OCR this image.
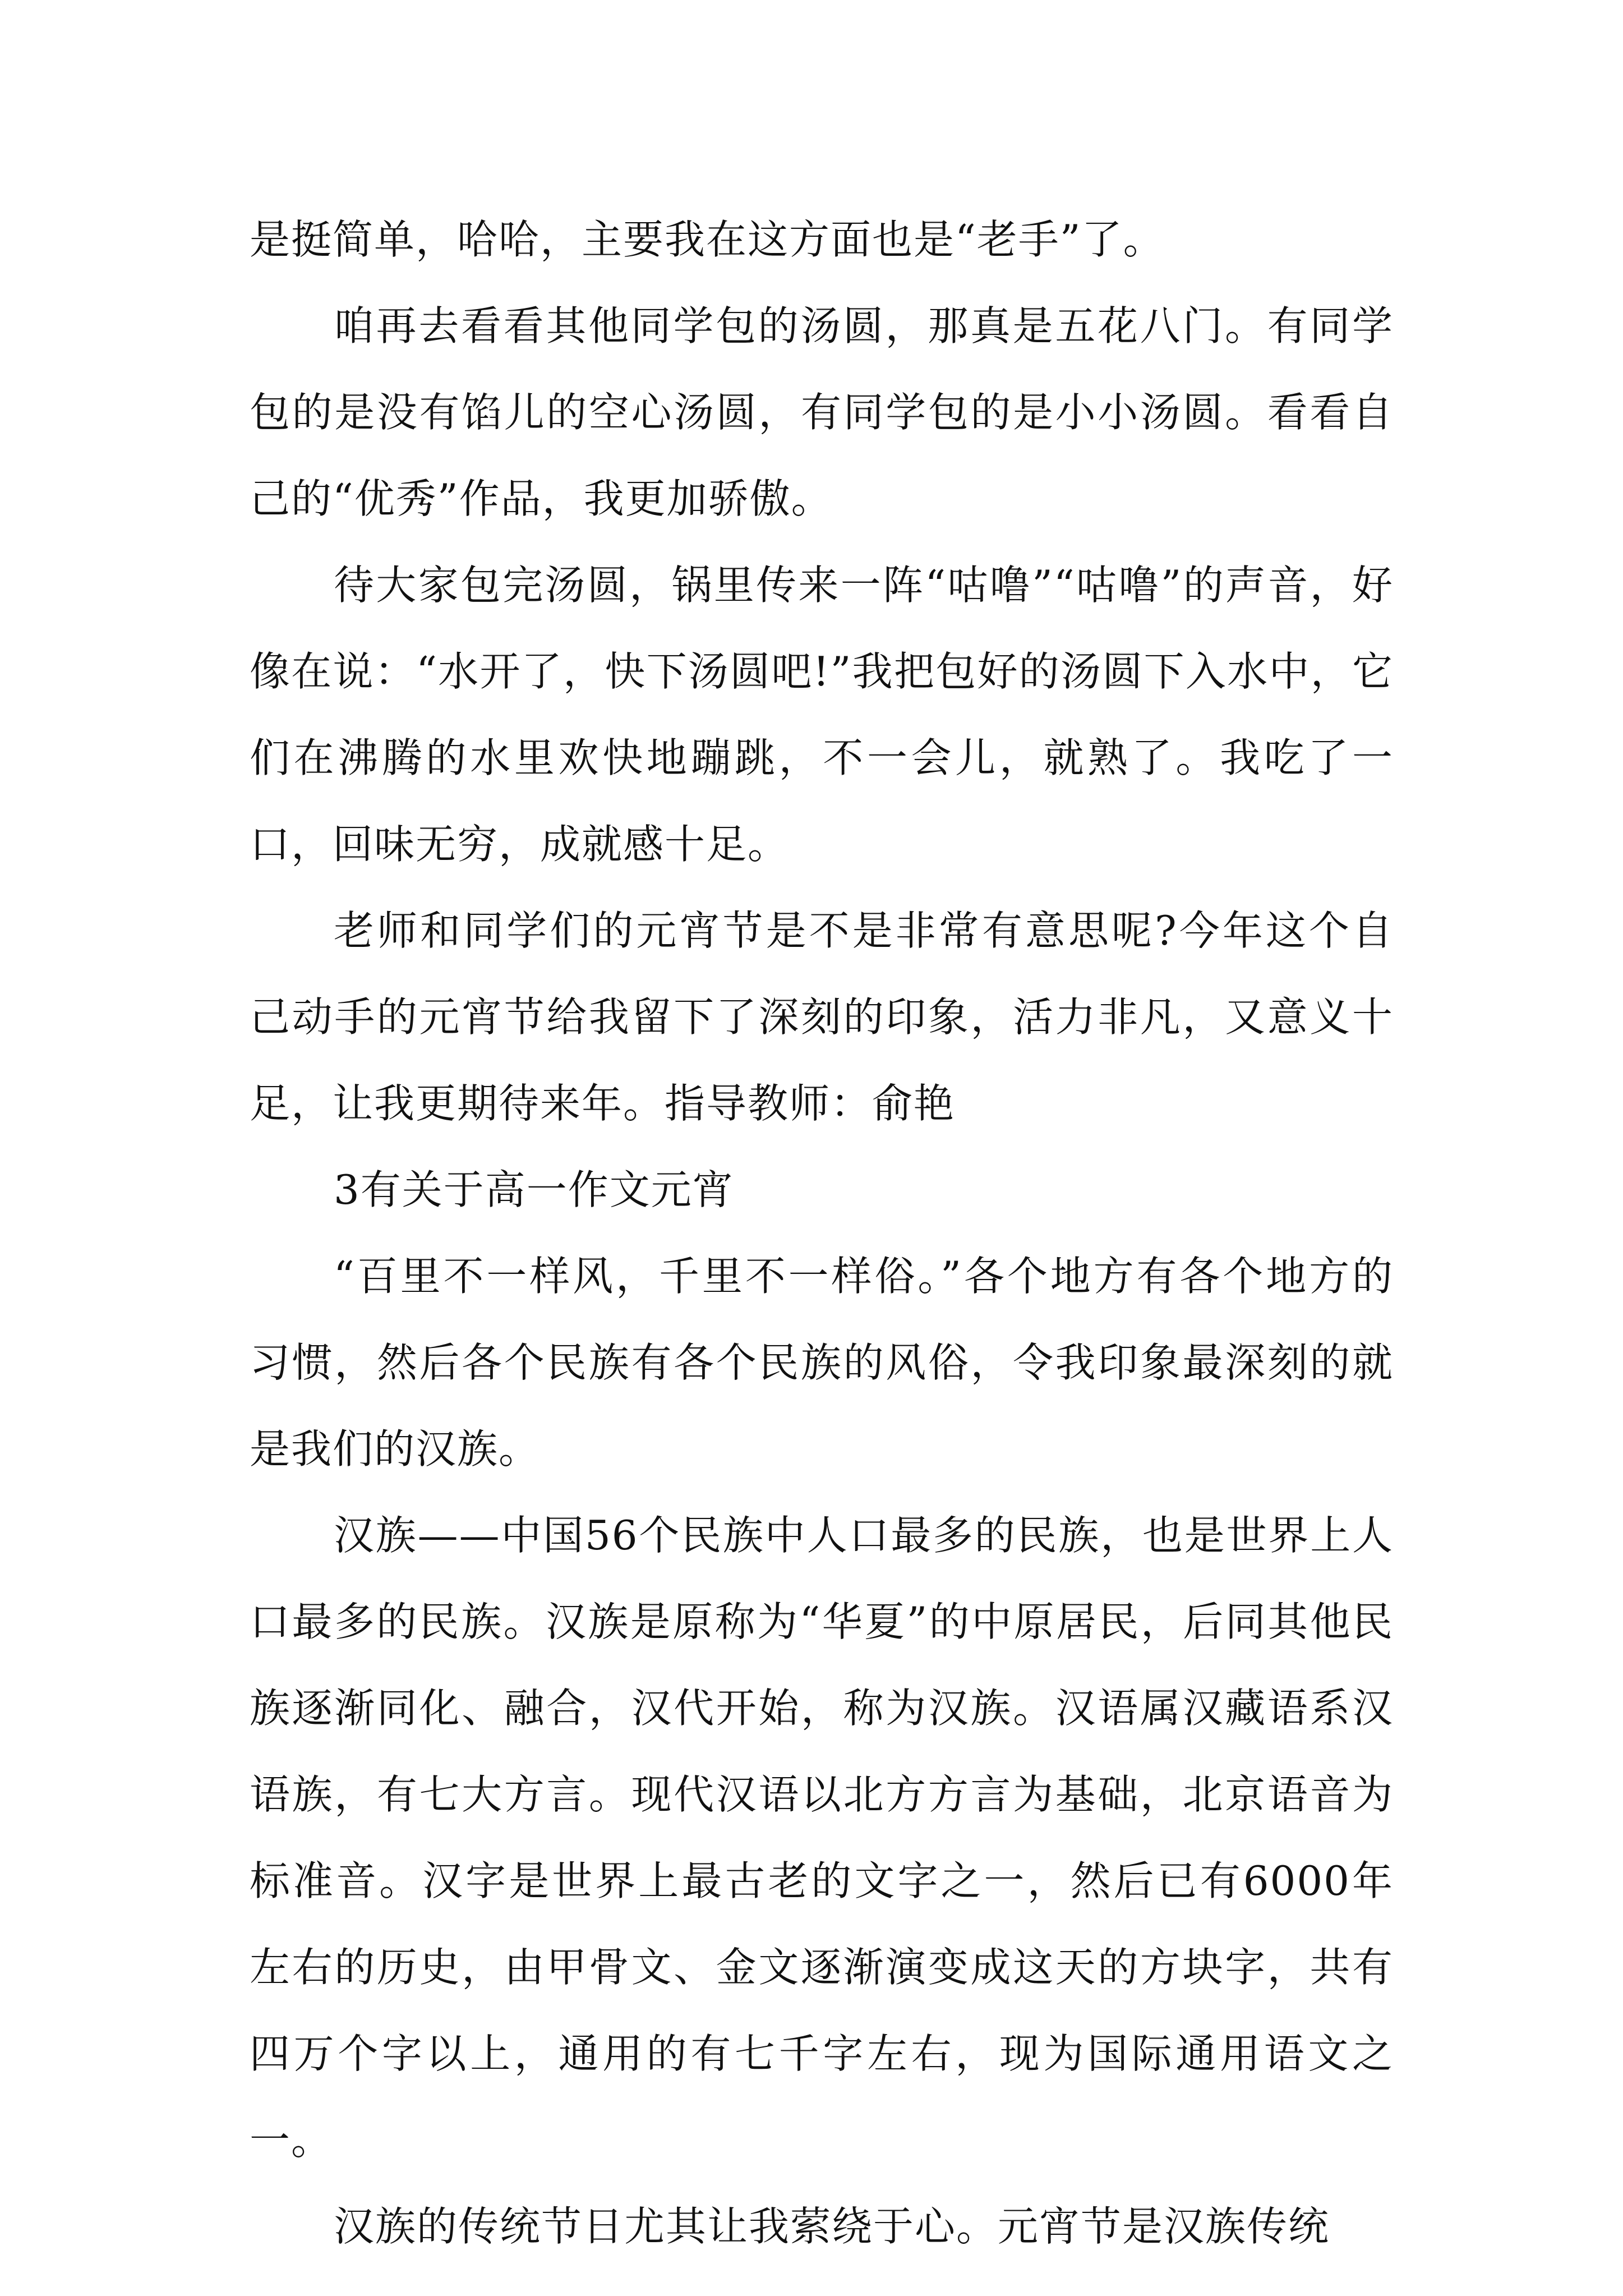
是挺简单，哈哈，主要我在这方面也是“老手”了。

咱再去看看其他同学包的汤圆，那真是五花八门。有同学包的是没有馅儿的空心汤圆，有同学包的是小小汤圆。看看自己的“优秀”作品，我更加骄傲。

待大家包完汤圆，锅里传来一阵“咕噜”“咕噜”的声音，好像在说：“水开了，快下汤圆吧!”我把包好的汤圆下入水中，它们在沸腾的水里欢快地蹦跳，不一会儿，就熟了。我吃了一口，回味无穷，成就感十足。

老师和同学们的元宵节是不是非常有意思呢?今年这个自己动手的元宵节给我留下了深刻的印象，活力非凡，又意义十足，让我更期待来年。指导教师：俞艳

3有关于高一作文元宵

“百里不一样风，千里不一样俗。”各个地方有各个地方的习惯，然后各个民族有各个民族的风俗，令我印象最深刻的就是我们的汉族。

汉族——中国56个民族中人口最多的民族，也是世界上人口最多的民族。汉族是原称为“华夏”的中原居民，后同其他民族逐渐同化、融合，汉代开始，称为汉族。汉语属汉藏语系汉语族，有七大方言。现代汉语以北方方言为基础，北京语音为标准音。汉字是世界上最古老的文字之一，然后已有6000年左右的历史，由甲骨文、金文逐渐演变成这天的方块字，共有四万个字以上，通用的有七千字左右，现为国际通用语文之一。

汉族的传统节日尤其让我萦绕于心。元宵节是汉族传统
